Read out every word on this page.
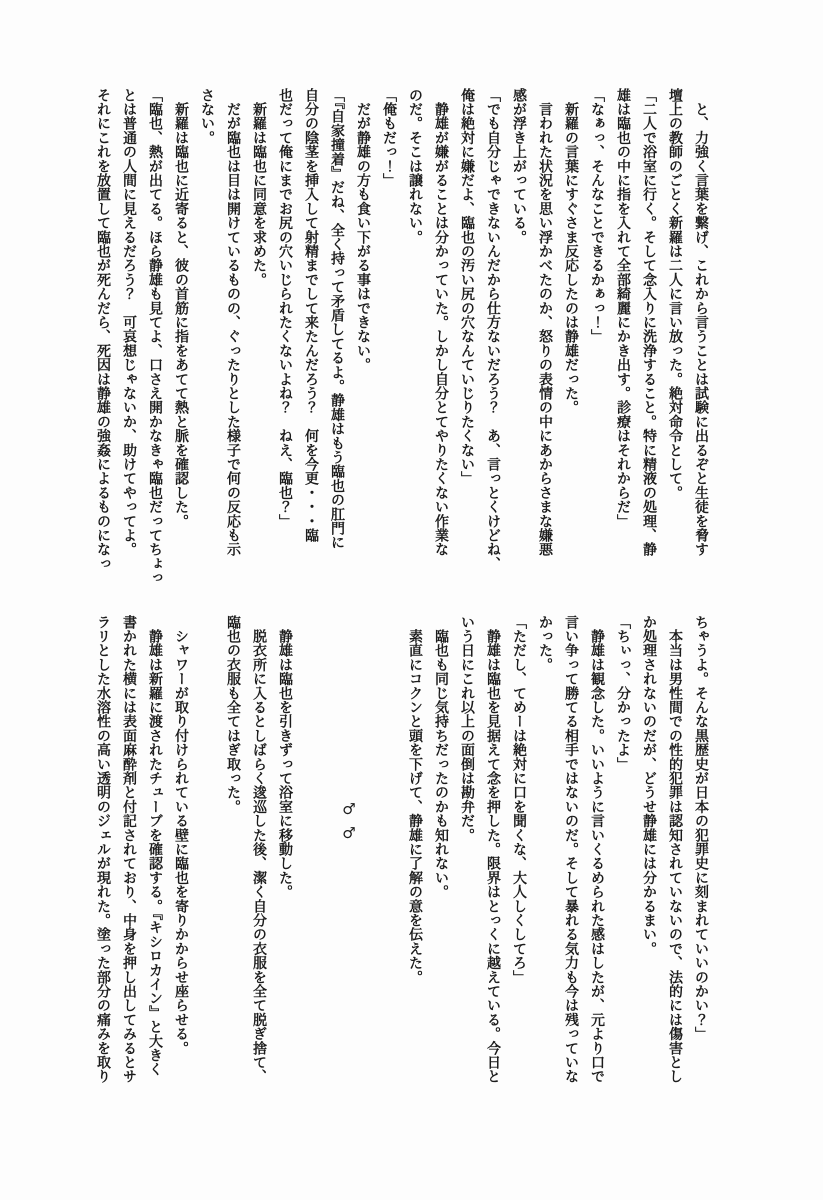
　と、力強く言葉を繋げ、これから言うことは試験に出るぞと生徒を脅す
壇上の教師のごとく新羅は二人に言い放った。絶対命令として。
「二人で浴室に行く。そして念入りに洗浄すること。特に精液の処理、静
雄は臨也の中に指を入れて全部綺麗にかき出す。診療はそれからだ」
「なぁっ、そんなことできるかぁっ！」
　新羅の言葉にすぐさま反応したのは静雄だった。
　言われた状況を思い浮かべたのか、怒りの表情の中にあからさまな嫌悪
感が浮き上がっている。
「でも自分じゃできないんだから仕方ないだろう？　あ、言っとくけどね、
俺は絶対に嫌だよ、臨也の汚い尻の穴なんていじりたくない」
　静雄が嫌がることは分かっていた。しかし自分とてやりたくない作業な
のだ。そこは譲れない。
「俺もだっ！」
　だが静雄の方も食い下がる事はできない。
「『自家撞着』だね、全く持って矛盾してるよ。静雄はもう臨也の肛門に
自分の陰茎を挿入して射精までして来たんだろう？　何を今更・・・臨
也だって俺にまでお尻の穴いじられたくないよね？　ねえ、臨也？」
　新羅は臨也に同意を求めた。
　だが臨也は目は開けているものの、ぐったりとした様子で何の反応も示
さない。
　新羅は臨也に近寄ると、彼の首筋に指をあてて熱と脈を確認した。
「臨也、熱が出てる。ほら静雄も見てよ、口さえ開かなきゃ臨也だってちょっ
とは普通の人間に見えるだろう？　可哀想じゃないか、助けてやってよ。
それにこれを放置して臨也が死んだら、死因は静雄の強姦によるものになっ
ちゃうよ。そんな黒歴史が日本の犯罪史に刻まれていいのかい？」
　本当は男性間での性的犯罪は認知されていないので、法的には傷害とし
か処理されないのだが、どうせ静雄には分かるまい。
「ちぃっ、分かったよ」
　静雄は観念した。いいように言いくるめられた感はしたが、元より口で
言い争って勝てる相手ではないのだ。そして暴れる気力も今は残っていな
かった。
「ただし、てめーは絶対に口を聞くな、大人しくしてろ」
　静雄は臨也を見据えて念を押した。限界はとっくに越えている。今日と
いう日にこれ以上の面倒は勘弁だ。
　臨也も同じ気持ちだったのかも知れない。
　素直にコクンと頭を下げて、静雄に了解の意を伝えた。
♂♂
　静雄は臨也を引きずって浴室に移動した。
　脱衣所に入るとしばらく逡巡した後、潔く自分の衣服を全て脱ぎ捨て、
臨也の衣服も全てはぎ取った。
　シャワーが取り付けられている壁に臨也を寄りかからせ座らせる。
　静雄は新羅に渡されたチューブを確認する。『キシロカイン』と大きく
書かれた横には表面麻酔剤と付記されており、中身を押し出してみるとサ
ラリとした水溶性の高い透明のジェルが現れた。塗った部分の痛みを取り
